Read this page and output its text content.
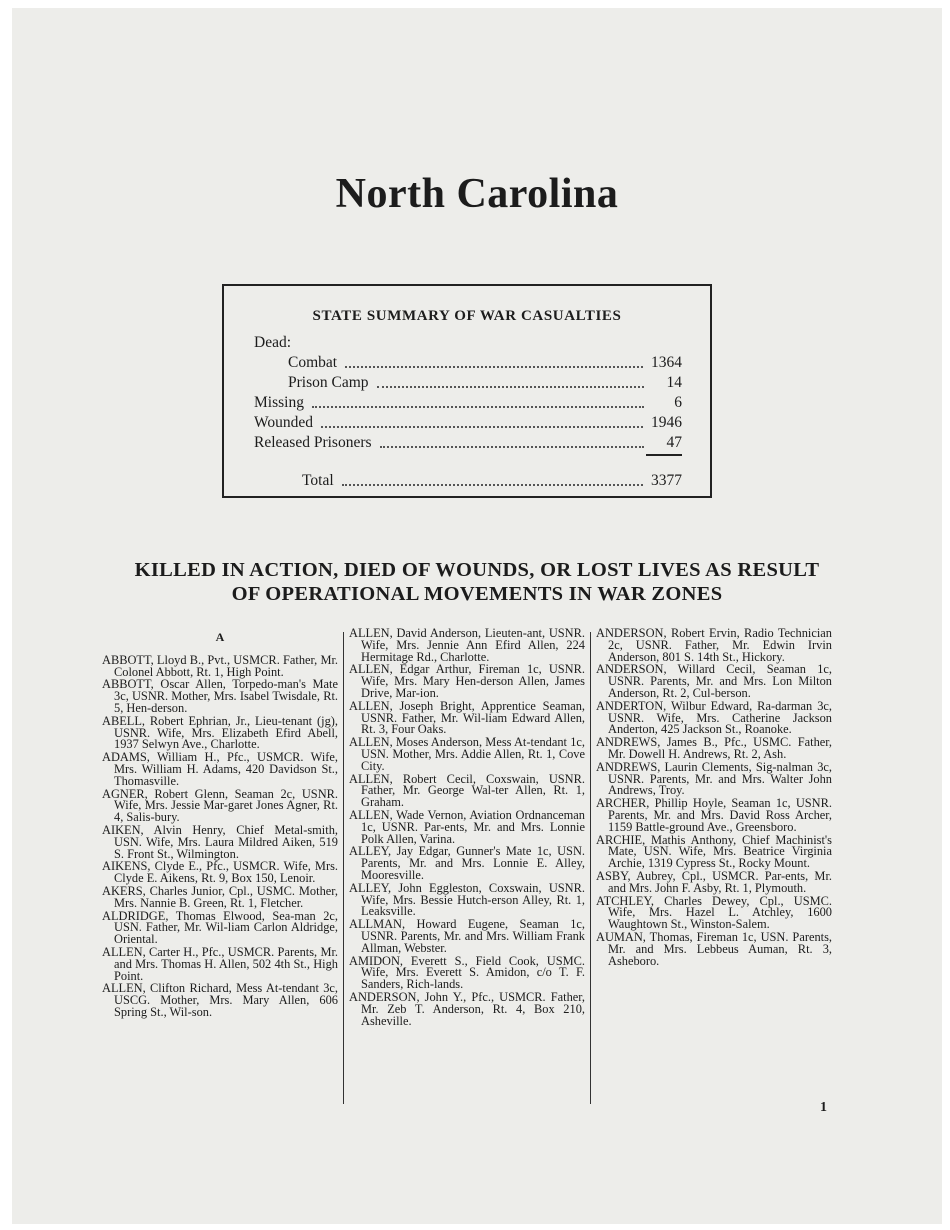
North Carolina
STATE SUMMARY OF WAR CASUALTIES
Dead:
Combat	1364
Prison Camp	14
Missing	6
Wounded	1946
Released Prisoners	47
Total	3377
KILLED IN ACTION, DIED OF WOUNDS, OR LOST LIVES AS RESULT
OF OPERATIONAL MOVEMENTS IN WAR ZONES
A
ABBOTT, Lloyd B., Pvt., USMCR. Father, Mr. Colonel Abbott, Rt. 1, High Point.
ABBOTT, Oscar Allen, Torpedo-man's Mate 3c, USNR. Mother, Mrs. Isabel Twisdale, Rt. 5, Hen-derson.
ABELL, Robert Ephrian, Jr., Lieu-tenant (jg), USNR. Wife, Mrs. Elizabeth Efird Abell, 1937 Selwyn Ave., Charlotte.
ADAMS, William H., Pfc., USMCR. Wife, Mrs. William H. Adams, 420 Davidson St., Thomasville.
AGNER, Robert Glenn, Seaman 2c, USNR. Wife, Mrs. Jessie Mar-garet Jones Agner, Rt. 4, Salis-bury.
AIKEN, Alvin Henry, Chief Metal-smith, USN. Wife, Mrs. Laura Mildred Aiken, 519 S. Front St., Wilmington.
AIKENS, Clyde E., Pfc., USMCR. Wife, Mrs. Clyde E. Aikens, Rt. 9, Box 150, Lenoir.
AKERS, Charles Junior, Cpl., USMC. Mother, Mrs. Nannie B. Green, Rt. 1, Fletcher.
ALDRIDGE, Thomas Elwood, Sea-man 2c, USN. Father, Mr. Wil-liam Carlon Aldridge, Oriental.
ALLEN, Carter H., Pfc., USMCR. Parents, Mr. and Mrs. Thomas H. Allen, 502 4th St., High Point.
ALLEN, Clifton Richard, Mess At-tendant 3c, USCG. Mother, Mrs. Mary Allen, 606 Spring St., Wil-son.
ALLEN, David Anderson, Lieuten-ant, USNR. Wife, Mrs. Jennie Ann Efird Allen, 224 Hermitage Rd., Charlotte.
ALLEN, Edgar Arthur, Fireman 1c, USNR. Wife, Mrs. Mary Hen-derson Allen, James Drive, Mar-ion.
ALLEN, Joseph Bright, Apprentice Seaman, USNR. Father, Mr. Wil-liam Edward Allen, Rt. 3, Four Oaks.
ALLEN, Moses Anderson, Mess At-tendant 1c, USN. Mother, Mrs. Addie Allen, Rt. 1, Cove City.
ALLEN, Robert Cecil, Coxswain, USNR. Father, Mr. George Wal-ter Allen, Rt. 1, Graham.
ALLEN, Wade Vernon, Aviation Ordnanceman 1c, USNR. Par-ents, Mr. and Mrs. Lonnie Polk Allen, Varina.
ALLEY, Jay Edgar, Gunner's Mate 1c, USN. Parents, Mr. and Mrs. Lonnie E. Alley, Mooresville.
ALLEY, John Eggleston, Coxswain, USNR. Wife, Mrs. Bessie Hutch-erson Alley, Rt. 1, Leaksville.
ALLMAN, Howard Eugene, Seaman 1c, USNR. Parents, Mr. and Mrs. William Frank Allman, Webster.
AMIDON, Everett S., Field Cook, USMC. Wife, Mrs. Everett S. Amidon, c/o T. F. Sanders, Rich-lands.
ANDERSON, John Y., Pfc., USMCR. Father, Mr. Zeb T. Anderson, Rt. 4, Box 210, Asheville.
ANDERSON, Robert Ervin, Radio Technician 2c, USNR. Father, Mr. Edwin Irvin Anderson, 801 S. 14th St., Hickory.
ANDERSON, Willard Cecil, Seaman 1c, USNR. Parents, Mr. and Mrs. Lon Milton Anderson, Rt. 2, Cul-berson.
ANDERTON, Wilbur Edward, Ra-darman 3c, USNR. Wife, Mrs. Catherine Jackson Anderton, 425 Jackson St., Roanoke.
ANDREWS, James B., Pfc., USMC. Father, Mr. Dowell H. Andrews, Rt. 2, Ash.
ANDREWS, Laurin Clements, Sig-nalman 3c, USNR. Parents, Mr. and Mrs. Walter John Andrews, Troy.
ARCHER, Phillip Hoyle, Seaman 1c, USNR. Parents, Mr. and Mrs. David Ross Archer, 1159 Battle-ground Ave., Greensboro.
ARCHIE, Mathis Anthony, Chief Machinist's Mate, USN. Wife, Mrs. Beatrice Virginia Archie, 1319 Cypress St., Rocky Mount.
ASBY, Aubrey, Cpl., USMCR. Par-ents, Mr. and Mrs. John F. Asby, Rt. 1, Plymouth.
ATCHLEY, Charles Dewey, Cpl., USMC. Wife, Mrs. Hazel L. Atchley, 1600 Waughtown St., Winston-Salem.
AUMAN, Thomas, Fireman 1c, USN. Parents, Mr. and Mrs. Lebbeus Auman, Rt. 3, Asheboro.
1
